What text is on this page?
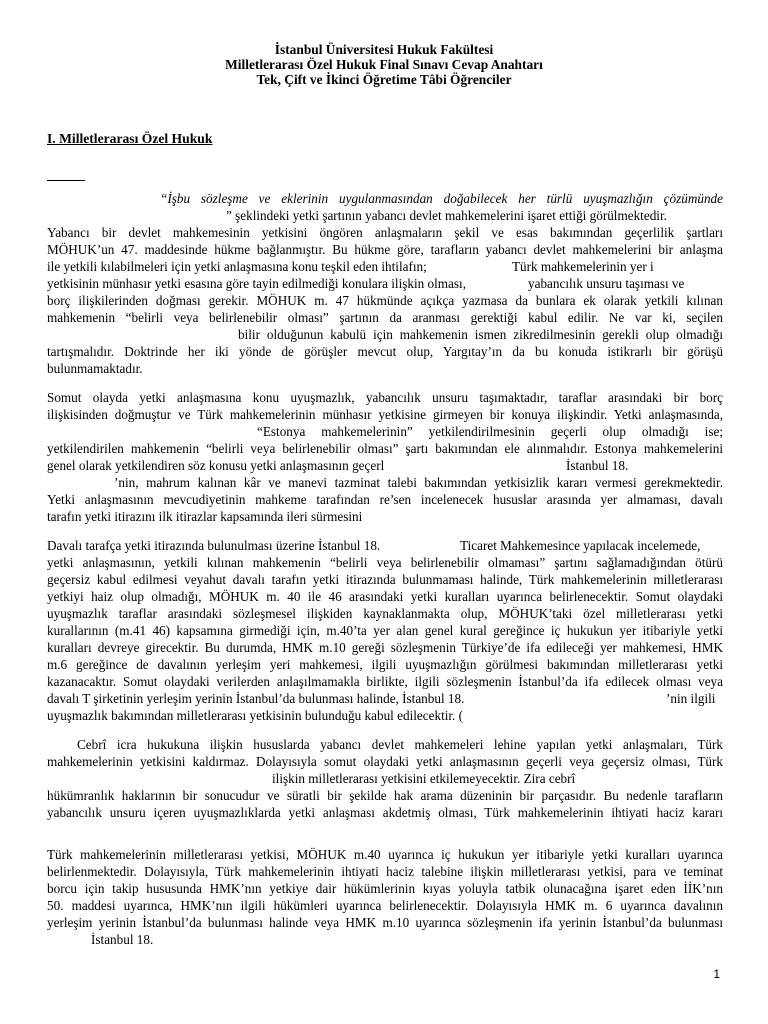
İstanbul Üniversitesi Hukuk Fakültesi
Milletlerarası Özel Hukuk Final Sınavı Cevap Anahtarı
Tek, Çift ve İkinci Öğretime Tâbi Öğrenciler
I. Milletlerarası Özel Hukuk
“İşbu sözleşme ve eklerinin uygulanmasından doğabilecek her türlü uyuşmazlığın çözümünde
” şeklindeki yetki şartının yabancı devlet mahkemelerini işaret ettiği görülmektedir.
Yabancı bir devlet mahkemesinin yetkisini öngören anlaşmaların şekil ve esas bakımından geçerlilik şartları
MÖHUK’un 47. maddesinde hükme bağlanmıştır. Bu hükme göre, tarafların yabancı devlet mahkemelerini bir anlaşma
ile yetkili kılabilmeleri için yetki anlaşmasına konu teşkil eden ihtilafın;	Türk mahkemelerinin yer i
yetkisinin münhasır yetki esasına göre tayin edilmediği konulara ilişkin olması,	yabancılık unsuru taşıması ve
borç ilişkilerinden doğması gerekir. MÖHUK m. 47 hükmünde açıkça yazmasa da bunlara ek olarak yetkili kılınan
mahkemenin “belirli veya belirlenebilir olması” şartının da aranması gerektiği kabul edilir. Ne var ki, seçilen
bilir olduğunun kabulü için mahkemenin ismen zikredilmesinin gerekli olup olmadığı
tartışmalıdır. Doktrinde her iki yönde de görüşler mevcut olup, Yargıtay’ın da bu konuda istikrarlı bir görüşü
bulunmamaktadır.
Somut olayda yetki anlaşmasına konu uyuşmazlık, yabancılık unsuru taşımaktadır, taraflar arasındaki bir borç
ilişkisinden doğmuştur ve Türk mahkemelerinin münhasır yetkisine girmeyen bir konuya ilişkindir. Yetki anlaşmasında,
“Estonya mahkemelerinin” yetkilendirilmesinin geçerli olup olmadığı ise;
yetkilendirilen mahkemenin “belirli veya belirlenebilir olması” şartı bakımından ele alınmalıdır. Estonya mahkemelerini
genel olarak yetkilendiren söz konusu yetki anlaşmasının geçerl	İstanbul 18.
’nin, mahrum kalınan kâr ve manevi tazminat talebi bakımından yetkisizlik kararı vermesi gerekmektedir.
Yetki anlaşmasının mevcudiyetinin mahkeme tarafından re’sen incelenecek hususlar arasında yer almaması, davalı
tarafın yetki itirazını ilk itirazlar kapsamında ileri sürmesini
Davalı tarafça yetki itirazında bulunulması üzerine İstanbul 18.	Ticaret Mahkemesince yapılacak incelemede,
yetki anlaşmasının, yetkili kılınan mahkemenin “belirli veya belirlenebilir olmaması” şartını sağlamadığından ötürü
geçersiz kabul edilmesi veyahut davalı tarafın yetki itirazında bulunmaması halinde, Türk mahkemelerinin milletlerarası
yetkiyi haiz olup olmadığı, MÖHUK m. 40 ile 46 arasındaki yetki kuralları uyarınca belirlenecektir. Somut olaydaki
uyuşmazlık taraflar arasındaki sözleşmesel ilişkiden kaynaklanmakta olup, MÖHUK’taki özel milletlerarası yetki
kurallarının (m.41 46) kapsamına girmediği için, m.40’ta yer alan genel kural gereğince iç hukukun yer itibariyle yetki
kuralları devreye girecektir. Bu durumda, HMK m.10 gereği sözleşmenin Türkiye’de ifa edileceği yer mahkemesi, HMK
m.6 gereğince de davalının yerleşim yeri mahkemesi, ilgili uyuşmazlığın görülmesi bakımından milletlerarası yetki
kazanacaktır. Somut olaydaki verilerden anlaşılmamakla birlikte, ilgili sözleşmenin İstanbul’da ifa edilecek olması veya
davalı T şirketinin yerleşim yerinin İstanbul’da bulunması halinde, İstanbul 18.	’nin ilgili
uyuşmazlık bakımından milletlerarası yetkisinin bulunduğu kabul edilecektir. (
Cebrî icra hukukuna ilişkin hususlarda yabancı devlet mahkemeleri lehine yapılan yetki anlaşmaları, Türk
mahkemelerinin yetkisini kaldırmaz. Dolayısıyla somut olaydaki yetki anlaşmasının geçerli veya geçersiz olması, Türk
ilişkin milletlerarası yetkisini etkilemeyecektir. Zira cebrî
hükümranlık haklarının bir sonucudur ve süratli bir şekilde hak arama düzeninin bir parçasıdır. Bu nedenle tarafların
yabancılık unsuru içeren uyuşmazlıklarda yetki anlaşması akdetmiş olması, Türk mahkemelerinin ihtiyati haciz kararı
Türk mahkemelerinin milletlerarası yetkisi, MÖHUK m.40 uyarınca iç hukukun yer itibariyle yetki kuralları uyarınca
belirlenmektedir. Dolayısıyla, Türk mahkemelerinin ihtiyati haciz talebine ilişkin milletlerarası yetkisi, para ve teminat
borcu için takip hususunda HMK’nın yetkiye dair hükümlerinin kıyas yoluyla tatbik olunacağına işaret eden İİK’nın
50. maddesi uyarınca, HMK’nın ilgili hükümleri uyarınca belirlenecektir. Dolayısıyla HMK m. 6 uyarınca davalının
yerleşim yerinin İstanbul’da bulunması halinde veya HMK m.10 uyarınca sözleşmenin ifa yerinin İstanbul’da bulunması
İstanbul 18.
1
